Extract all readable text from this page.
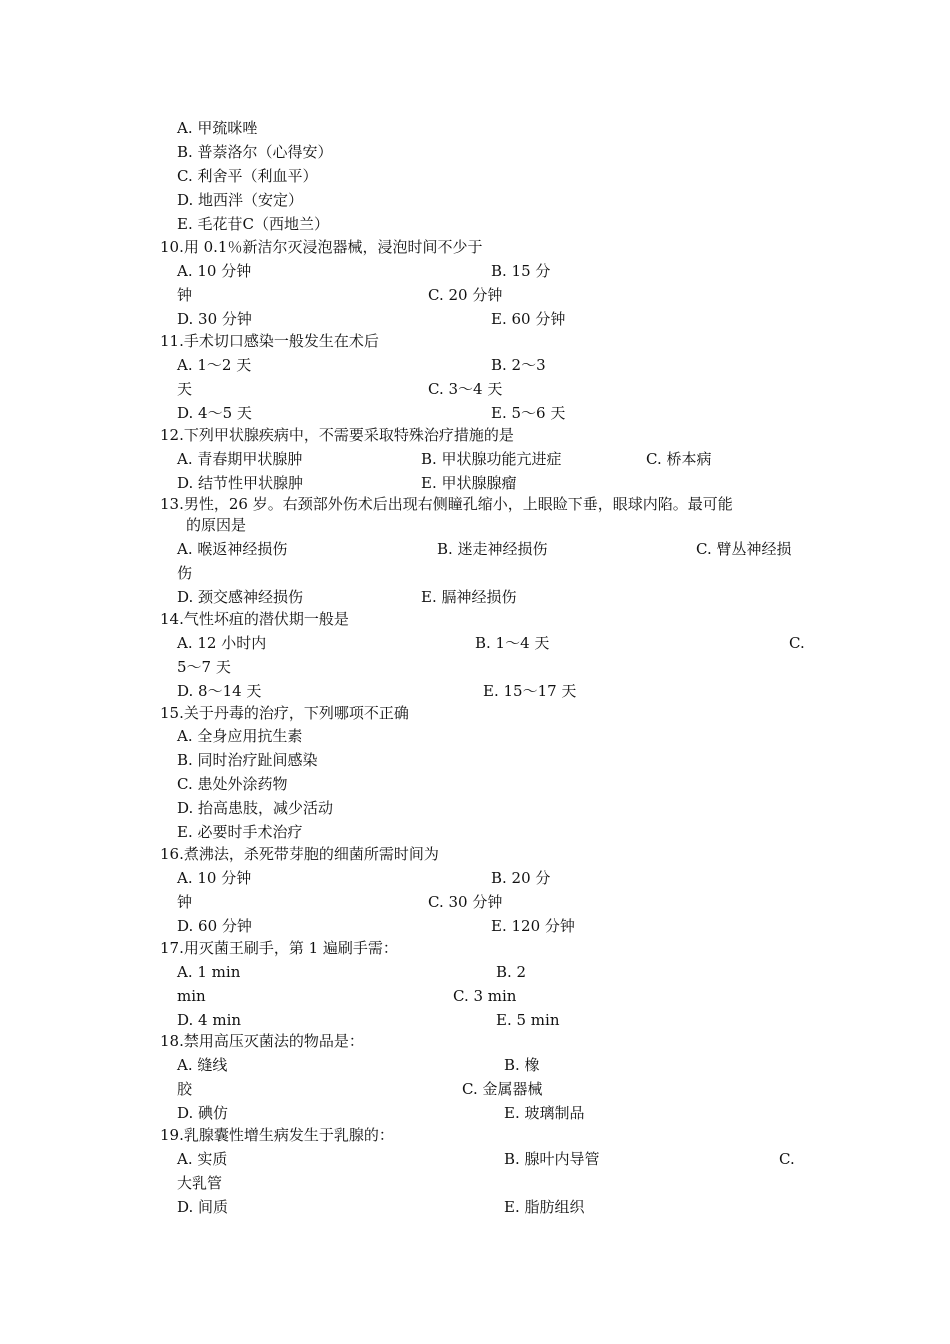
A. 甲巯咪唑
B. 普萘洛尔（心得安）
C. 利舍平（利血平）
D. 地西泮（安定）
E. 毛花苷C（西地兰）
10.用 0.1％新洁尔灭浸泡器械，浸泡时间不少于
A. 10 分钟	B. 15 分
钟	C. 20 分钟
D. 30 分钟	E. 60 分钟
11.手术切口感染一般发生在术后
A. 1～2 天	B. 2～3
天	C. 3～4 天
D. 4～5 天	E. 5～6 天
12.下列甲状腺疾病中，不需要采取特殊治疗措施的是
A. 青春期甲状腺肿	B. 甲状腺功能亢进症	C. 桥本病
D. 结节性甲状腺肿	E. 甲状腺腺瘤
13.男性，26 岁。右颈部外伤术后出现右侧瞳孔缩小，上眼睑下垂，眼球内陷。最可能
的原因是
A. 喉返神经损伤	B. 迷走神经损伤	C. 臂丛神经损
伤
D. 颈交感神经损伤	E. 膈神经损伤
14.气性坏疽的潜伏期一般是
A. 12 小时内	B. 1～4 天	C.
5～7 天
D. 8～14 天	E. 15～17 天
15.关于丹毒的治疗，下列哪项不正确
A. 全身应用抗生素
B. 同时治疗趾间感染
C. 患处外涂药物
D. 抬高患肢，减少活动
E. 必要时手术治疗
16.煮沸法，杀死带芽胞的细菌所需时间为
A. 10 分钟	B. 20 分
钟	C. 30 分钟
D. 60 分钟	E. 120 分钟
17.用灭菌王刷手，第 1 遍刷手需：
A. 1 min	B. 2
min	C. 3 min
D. 4 min	E. 5 min
18.禁用高压灭菌法的物品是：
A. 缝线	B. 橡
胶	C. 金属器械
D. 碘仿	E. 玻璃制品
19.乳腺囊性增生病发生于乳腺的：
A. 实质	B. 腺叶内导管	C.
大乳管
D. 间质	E. 脂肪组织
